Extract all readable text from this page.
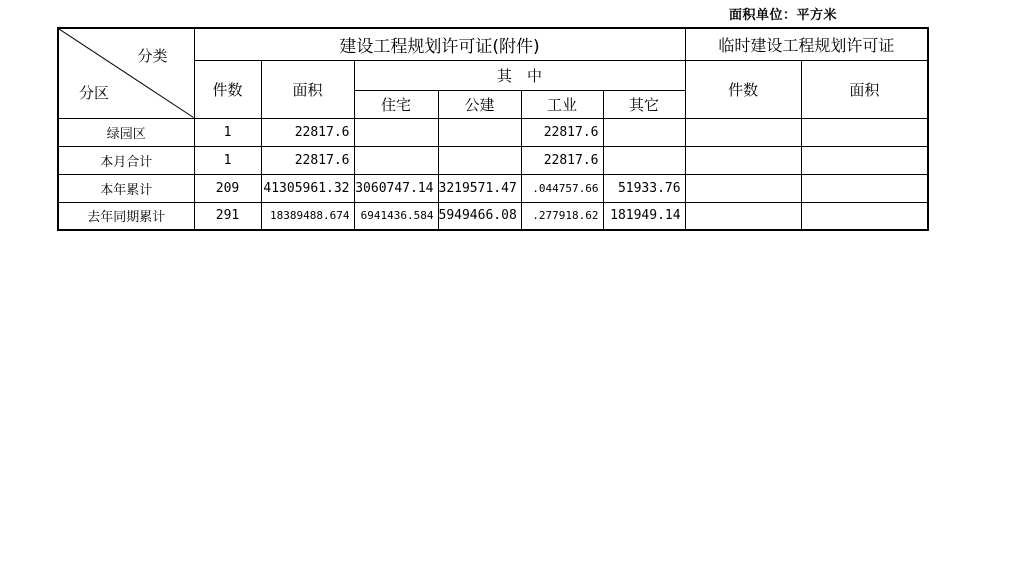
面积单位：平方米
分类
分区	建设工程规划许可证(附件)						临时建设工程规划许可证	
	件数	面积	其　中				件数	面积
			住宅	公建	工业	其它		
绿园区	1	22817.6			22817.6			
本月合计	1	22817.6			22817.6			
本年累计	209	41305961.32	3060747.14	3219571.47	.044757.66	51933.76		
去年同期累计	291	18389488.674	6941436.584	5949466.08	.277918.62	181949.14		
